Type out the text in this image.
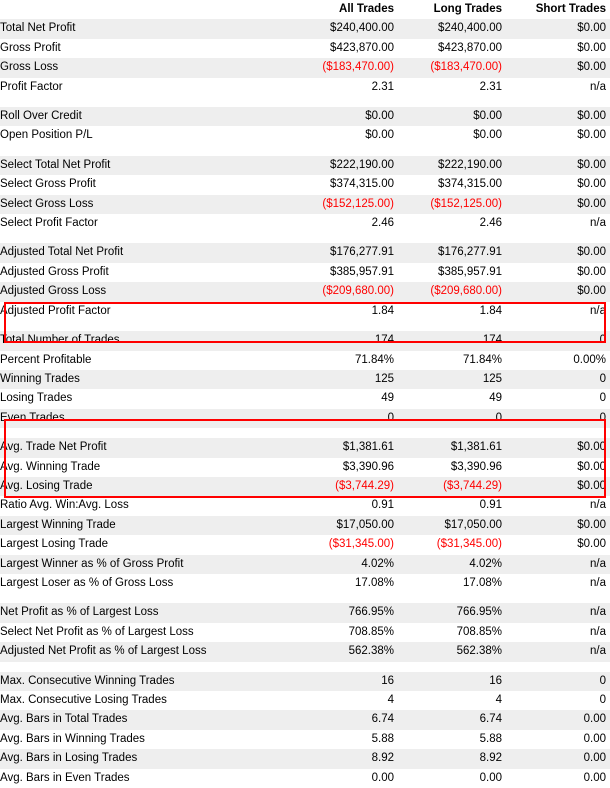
	All Trades	Long Trades	Short Trades
Total Net Profit	$240,400.00	$240,400.00	$0.00
Gross Profit	$423,870.00	$423,870.00	$0.00
Gross Loss	($183,470.00)	($183,470.00)	$0.00
Profit Factor	2.31	2.31	n/a

Roll Over Credit	$0.00	$0.00	$0.00
Open Position P/L	$0.00	$0.00	$0.00

Select Total Net Profit	$222,190.00	$222,190.00	$0.00
Select Gross Profit	$374,315.00	$374,315.00	$0.00
Select Gross Loss	($152,125.00)	($152,125.00)	$0.00
Select Profit Factor	2.46	2.46	n/a

Adjusted Total Net Profit	$176,277.91	$176,277.91	$0.00
Adjusted Gross Profit	$385,957.91	$385,957.91	$0.00
Adjusted Gross Loss	($209,680.00)	($209,680.00)	$0.00
Adjusted Profit Factor	1.84	1.84	n/a

Total Number of Trades	174	174	0
Percent Profitable	71.84%	71.84%	0.00%
Winning Trades	125	125	0
Losing Trades	49	49	0
Even Trades	0	0	0

Avg. Trade Net Profit	$1,381.61	$1,381.61	$0.00
Avg. Winning Trade	$3,390.96	$3,390.96	$0.00
Avg. Losing Trade	($3,744.29)	($3,744.29)	$0.00
Ratio Avg. Win:Avg. Loss	0.91	0.91	n/a
Largest Winning Trade	$17,050.00	$17,050.00	$0.00
Largest Losing Trade	($31,345.00)	($31,345.00)	$0.00
Largest Winner as % of Gross Profit	4.02%	4.02%	n/a
Largest Loser as % of Gross Loss	17.08%	17.08%	n/a

Net Profit as % of Largest Loss	766.95%	766.95%	n/a
Select Net Profit as % of Largest Loss	708.85%	708.85%	n/a
Adjusted Net Profit as % of Largest Loss	562.38%	562.38%	n/a

Max. Consecutive Winning Trades	16	16	0
Max. Consecutive Losing Trades	4	4	0
Avg. Bars in Total Trades	6.74	6.74	0.00
Avg. Bars in Winning Trades	5.88	5.88	0.00
Avg. Bars in Losing Trades	8.92	8.92	0.00
Avg. Bars in Even Trades	0.00	0.00	0.00
